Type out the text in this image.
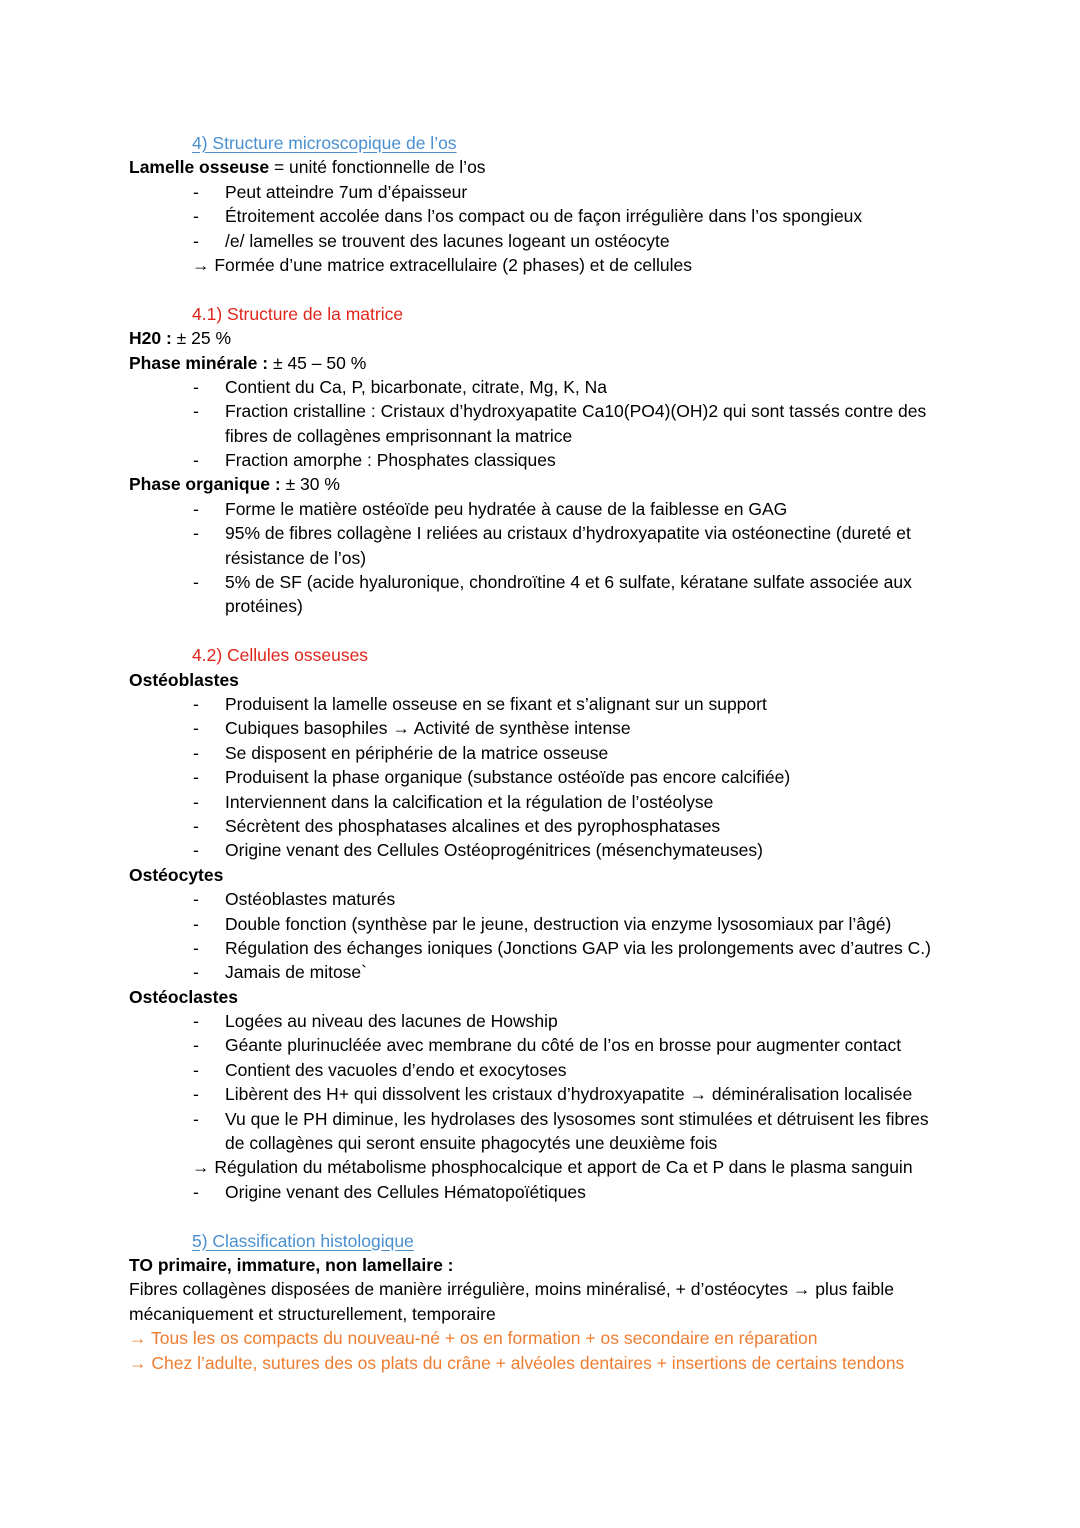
4) Structure microscopique de l’os
Lamelle osseuse = unité fonctionnelle de l’os
- Peut atteindre 7um d’épaisseur
- Étroitement accolée dans l’os compact ou de façon irrégulière dans l’os spongieux
- /e/ lamelles se trouvent des lacunes logeant un ostéocyte
→ Formée d’une matrice extracellulaire (2 phases) et de cellules
4.1) Structure de la matrice
H20 : ± 25 %
Phase minérale : ± 45 – 50 %
- Contient du Ca, P, bicarbonate, citrate, Mg, K, Na
- Fraction cristalline : Cristaux d’hydroxyapatite Ca10(PO4)(OH)2 qui sont tassés contre des
fibres de collagènes emprisonnant la matrice
- Fraction amorphe : Phosphates classiques
Phase organique : ± 30 %
- Forme le matière ostéoïde peu hydratée à cause de la faiblesse en GAG
- 95% de fibres collagène I reliées au cristaux d’hydroxyapatite via ostéonectine (dureté et
résistance de l’os)
- 5% de SF (acide hyaluronique, chondroïtine 4 et 6 sulfate, kératane sulfate associée aux
protéines)
4.2) Cellules osseuses
Ostéoblastes
- Produisent la lamelle osseuse en se fixant et s’alignant sur un support
- Cubiques basophiles → Activité de synthèse intense
- Se disposent en périphérie de la matrice osseuse
- Produisent la phase organique (substance ostéoïde pas encore calcifiée)
- Interviennent dans la calcification et la régulation de l’ostéolyse
- Sécrètent des phosphatases alcalines et des pyrophosphatases
- Origine venant des Cellules Ostéoprogénitrices (mésenchymateuses)
Ostéocytes
- Ostéoblastes maturés
- Double fonction (synthèse par le jeune, destruction via enzyme lysosomiaux par l’âgé)
- Régulation des échanges ioniques (Jonctions GAP via les prolongements avec d’autres C.)
- Jamais de mitose`
Ostéoclastes
- Logées au niveau des lacunes de Howship
- Géante plurinucléée avec membrane du côté de l’os en brosse pour augmenter contact
- Contient des vacuoles d’endo et exocytoses
- Libèrent des H+ qui dissolvent les cristaux d’hydroxyapatite → déminéralisation localisée
- Vu que le PH diminue, les hydrolases des lysosomes sont stimulées et détruisent les fibres
de collagènes qui seront ensuite phagocytés une deuxième fois
→ Régulation du métabolisme phosphocalcique et apport de Ca et P dans le plasma sanguin
- Origine venant des Cellules Hématopoïétiques
5) Classification histologique
TO primaire, immature, non lamellaire :
Fibres collagènes disposées de manière irrégulière, moins minéralisé, + d’ostéocytes → plus faible
mécaniquement et structurellement, temporaire
→ Tous les os compacts du nouveau-né + os en formation + os secondaire en réparation
→ Chez l’adulte, sutures des os plats du crâne + alvéoles dentaires + insertions de certains tendons
